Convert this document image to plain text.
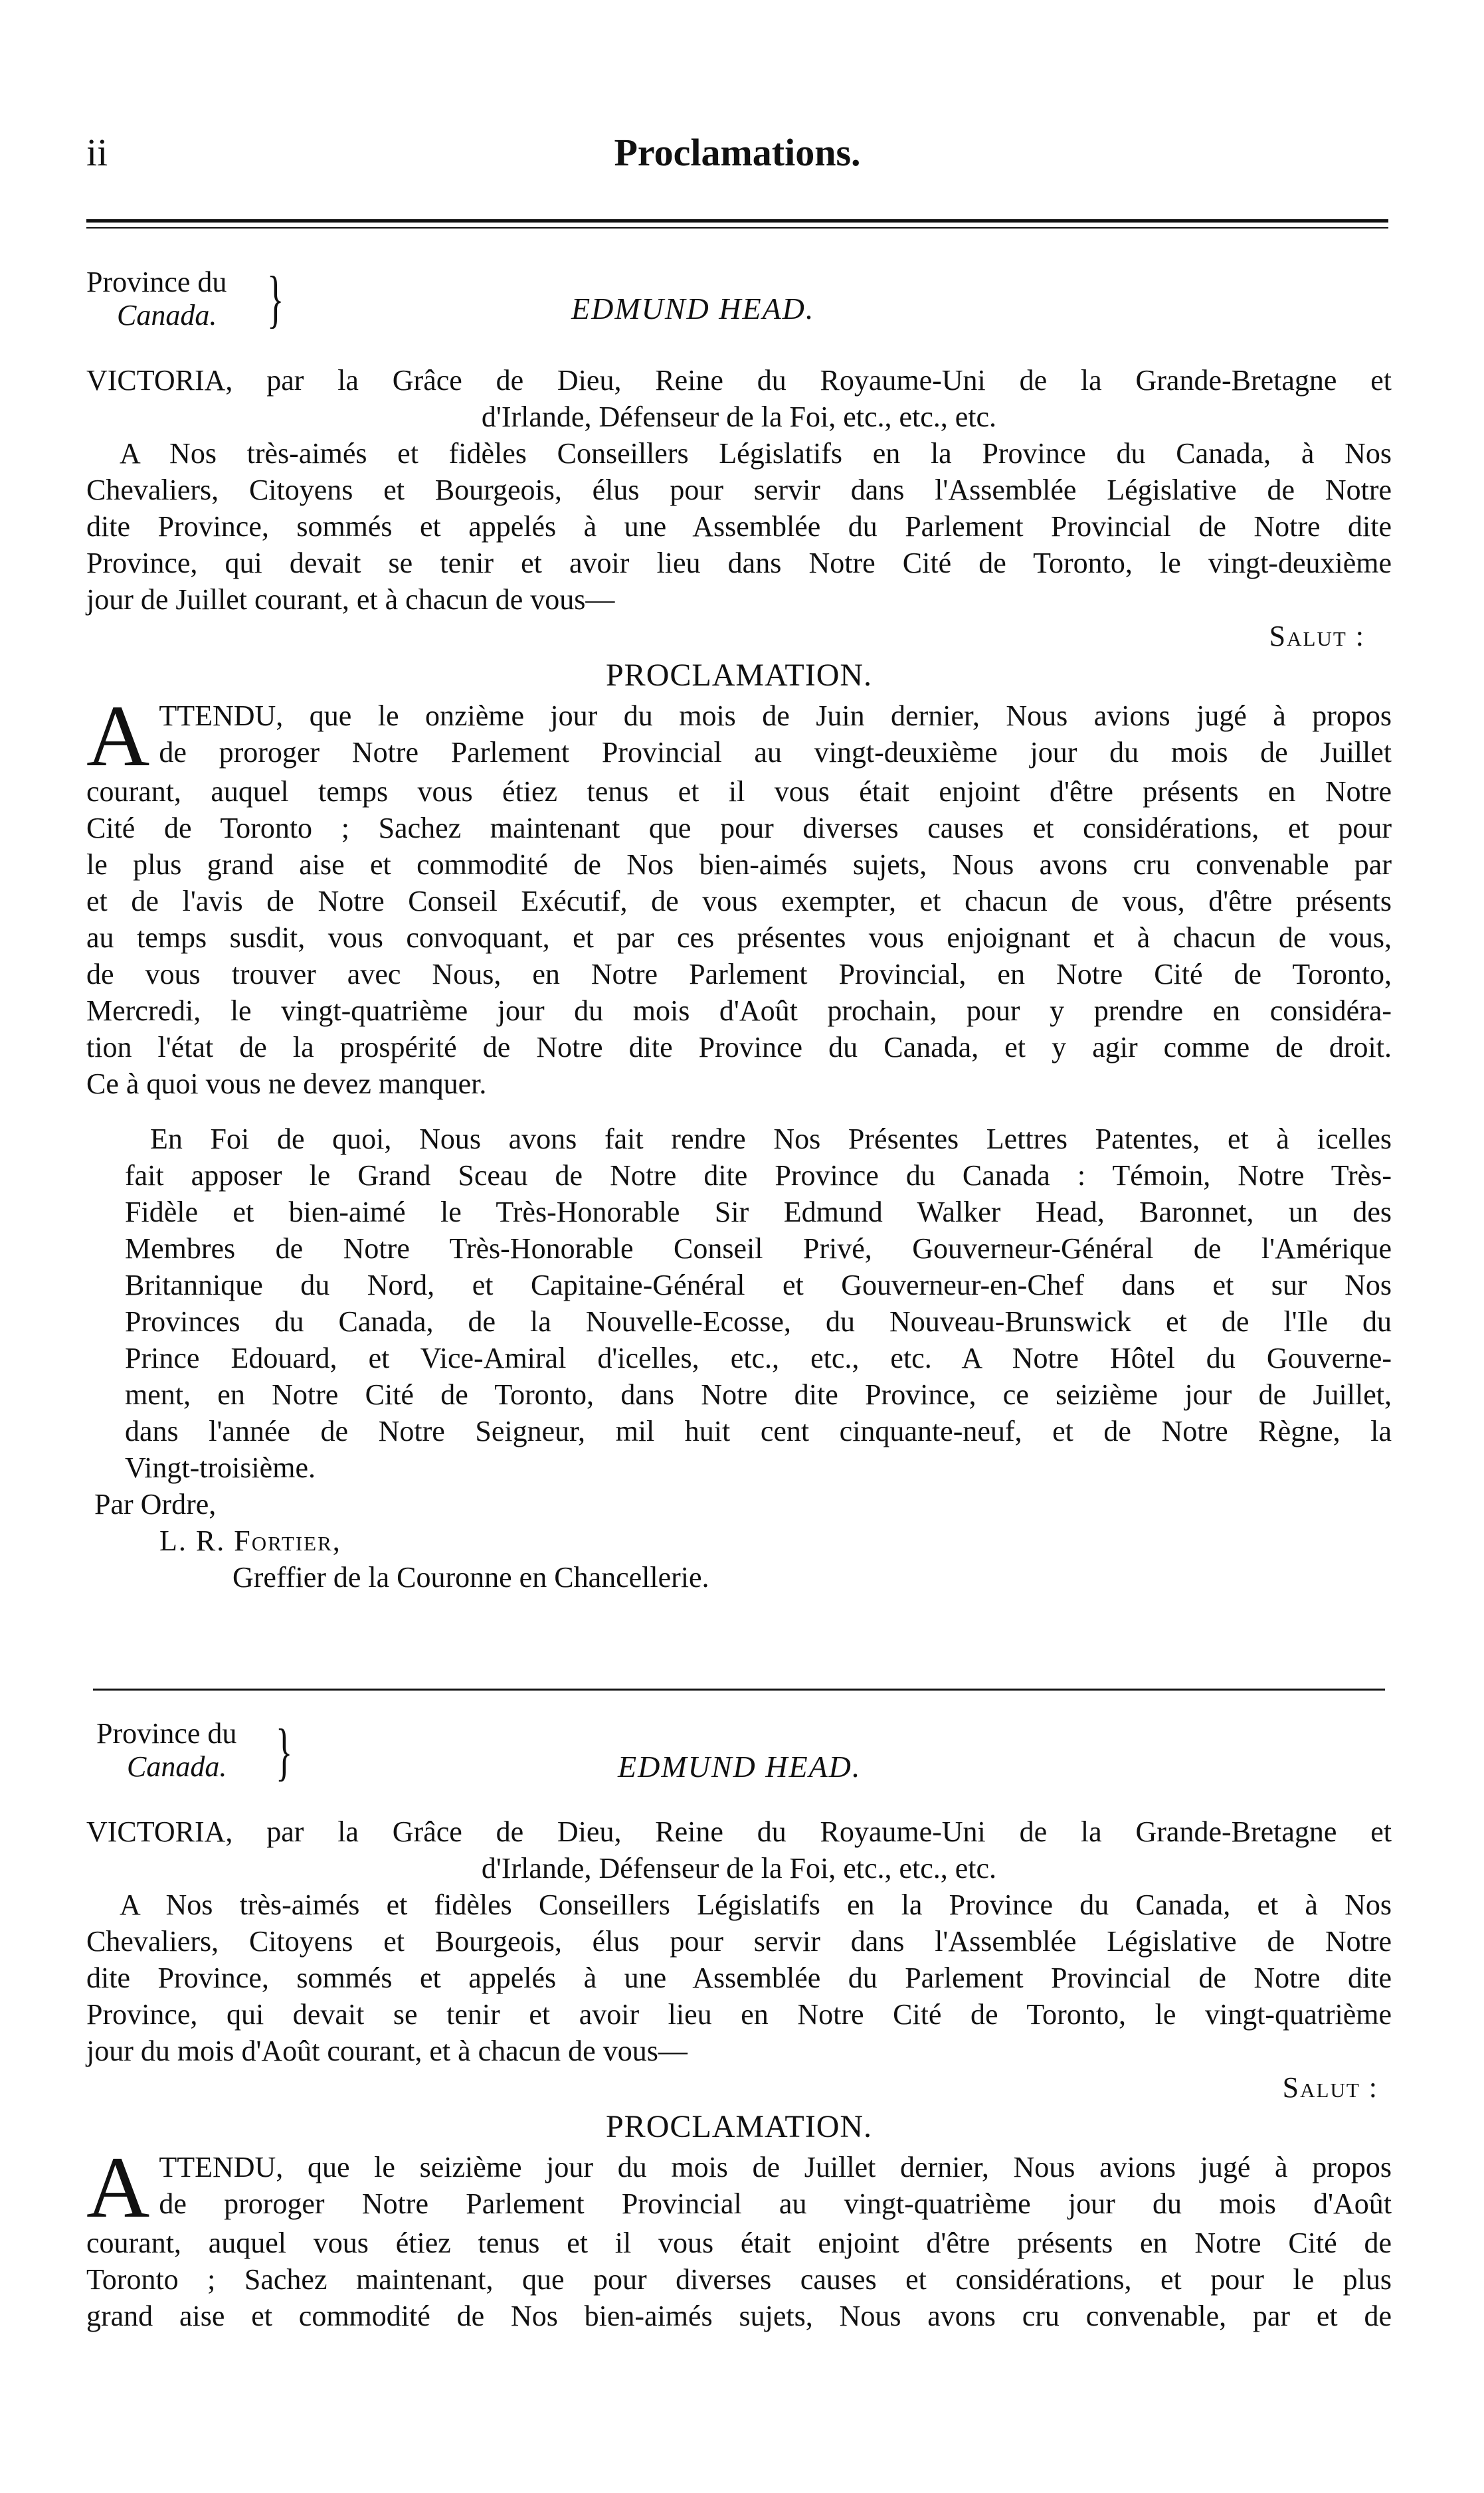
ii	Proclamations.
Province du
Canada. }	EDMUND HEAD.
VICTORIA, par la Grâce de Dieu, Reine du Royaume-Uni de la Grande-Bretagne et
d'Irlande, Défenseur de la Foi, etc., etc., etc.
A Nos très-aimés et fidèles Conseillers Législatifs en la Province du Canada, à Nos
Chevaliers, Citoyens et Bourgeois, élus pour servir dans l'Assemblée Législative de Notre
dite Province, sommés et appelés à une Assemblée du Parlement Provincial de Notre dite
Province, qui devait se tenir et avoir lieu dans Notre Cité de Toronto, le vingt-deuxième
jour de Juillet courant, et à chacun de vous—
Salut :
PROCLAMATION.
A TTENDU, que le onzième jour du mois de Juin dernier, Nous avions jugé à propos
de proroger Notre Parlement Provincial au vingt-deuxième jour du mois de Juillet
courant, auquel temps vous étiez tenus et il vous était enjoint d'être présents en Notre
Cité de Toronto ; Sachez maintenant que pour diverses causes et considérations, et pour
le plus grand aise et commodité de Nos bien-aimés sujets, Nous avons cru convenable par
et de l'avis de Notre Conseil Exécutif, de vous exempter, et chacun de vous, d'être présents
au temps susdit, vous convoquant, et par ces présentes vous enjoignant et à chacun de vous,
de vous trouver avec Nous, en Notre Parlement Provincial, en Notre Cité de Toronto,
Mercredi, le vingt-quatrième jour du mois d'Août prochain, pour y prendre en considéra-
tion l'état de la prospérité de Notre dite Province du Canada, et y agir comme de droit.
Ce à quoi vous ne devez manquer.
En Foi de quoi, Nous avons fait rendre Nos Présentes Lettres Patentes, et à icelles
fait apposer le Grand Sceau de Notre dite Province du Canada : Témoin, Notre Très-
Fidèle et bien-aimé le Très-Honorable Sir Edmund Walker Head, Baronnet, un des
Membres de Notre Très-Honorable Conseil Privé, Gouverneur-Général de l'Amérique
Britannique du Nord, et Capitaine-Général et Gouverneur-en-Chef dans et sur Nos
Provinces du Canada, de la Nouvelle-Ecosse, du Nouveau-Brunswick et de l'Ile du
Prince Edouard, et Vice-Amiral d'icelles, etc., etc., etc. A Notre Hôtel du Gouverne-
ment, en Notre Cité de Toronto, dans Notre dite Province, ce seizième jour de Juillet,
dans l'année de Notre Seigneur, mil huit cent cinquante-neuf, et de Notre Règne, la
Vingt-troisième.
Par Ordre,
L. R. Fortier,
Greffier de la Couronne en Chancellerie.
Province du
Canada. }	EDMUND HEAD.
VICTORIA, par la Grâce de Dieu, Reine du Royaume-Uni de la Grande-Bretagne et
d'Irlande, Défenseur de la Foi, etc., etc., etc.
A Nos très-aimés et fidèles Conseillers Législatifs en la Province du Canada, et à Nos
Chevaliers, Citoyens et Bourgeois, élus pour servir dans l'Assemblée Législative de Notre
dite Province, sommés et appelés à une Assemblée du Parlement Provincial de Notre dite
Province, qui devait se tenir et avoir lieu en Notre Cité de Toronto, le vingt-quatrième
jour du mois d'Août courant, et à chacun de vous—
Salut :
PROCLAMATION.
A TTENDU, que le seizième jour du mois de Juillet dernier, Nous avions jugé à propos
de proroger Notre Parlement Provincial au vingt-quatrième jour du mois d'Août
courant, auquel vous étiez tenus et il vous était enjoint d'être présents en Notre Cité de
Toronto ; Sachez maintenant, que pour diverses causes et considérations, et pour le plus
grand aise et commodité de Nos bien-aimés sujets, Nous avons cru convenable, par et de
